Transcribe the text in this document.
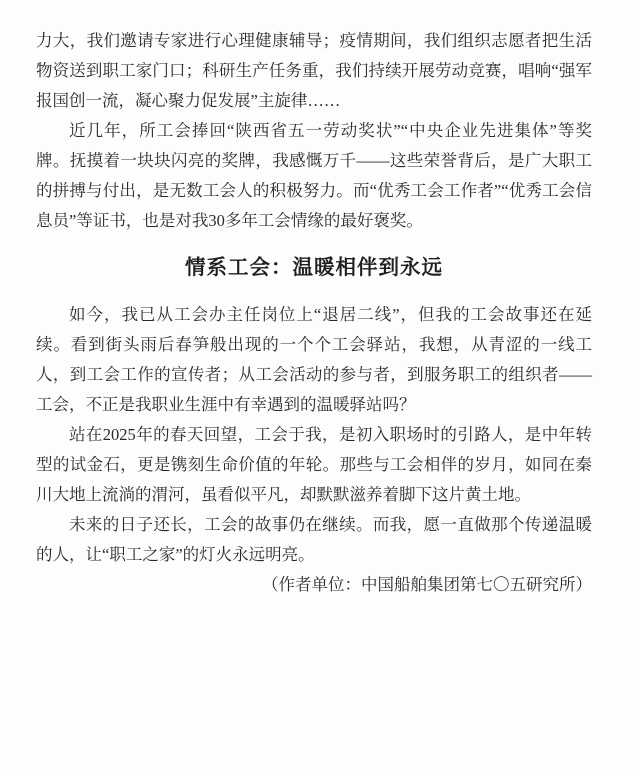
力大，我们邀请专家进行心理健康辅导；疫情期间，我们组织志愿者把生活物资送到职工家门口；科研生产任务重，我们持续开展劳动竞赛，唱响“强军报国创一流，凝心聚力促发展”主旋律……

近几年，所工会捧回“陕西省五一劳动奖状”“中央企业先进集体”等奖牌。抚摸着一块块闪亮的奖牌，我感慨万千——这些荣誉背后，是广大职工的拼搏与付出，是无数工会人的积极努力。而“优秀工会工作者”“优秀工会信息员”等证书，也是对我30多年工会情缘的最好褒奖。

情系工会：温暖相伴到永远

如今，我已从工会办主任岗位上“退居二线”，但我的工会故事还在延续。看到街头雨后春笋般出现的一个个工会驿站，我想，从青涩的一线工人，到工会工作的宣传者；从工会活动的参与者，到服务职工的组织者——工会，不正是我职业生涯中有幸遇到的温暖驿站吗？

站在2025年的春天回望，工会于我，是初入职场时的引路人，是中年转型的试金石，更是镌刻生命价值的年轮。那些与工会相伴的岁月，如同在秦川大地上流淌的渭河，虽看似平凡，却默默滋养着脚下这片黄土地。

未来的日子还长，工会的故事仍在继续。而我，愿一直做那个传递温暖的人，让“职工之家”的灯火永远明亮。

（作者单位：中国船舶集团第七〇五研究所）
